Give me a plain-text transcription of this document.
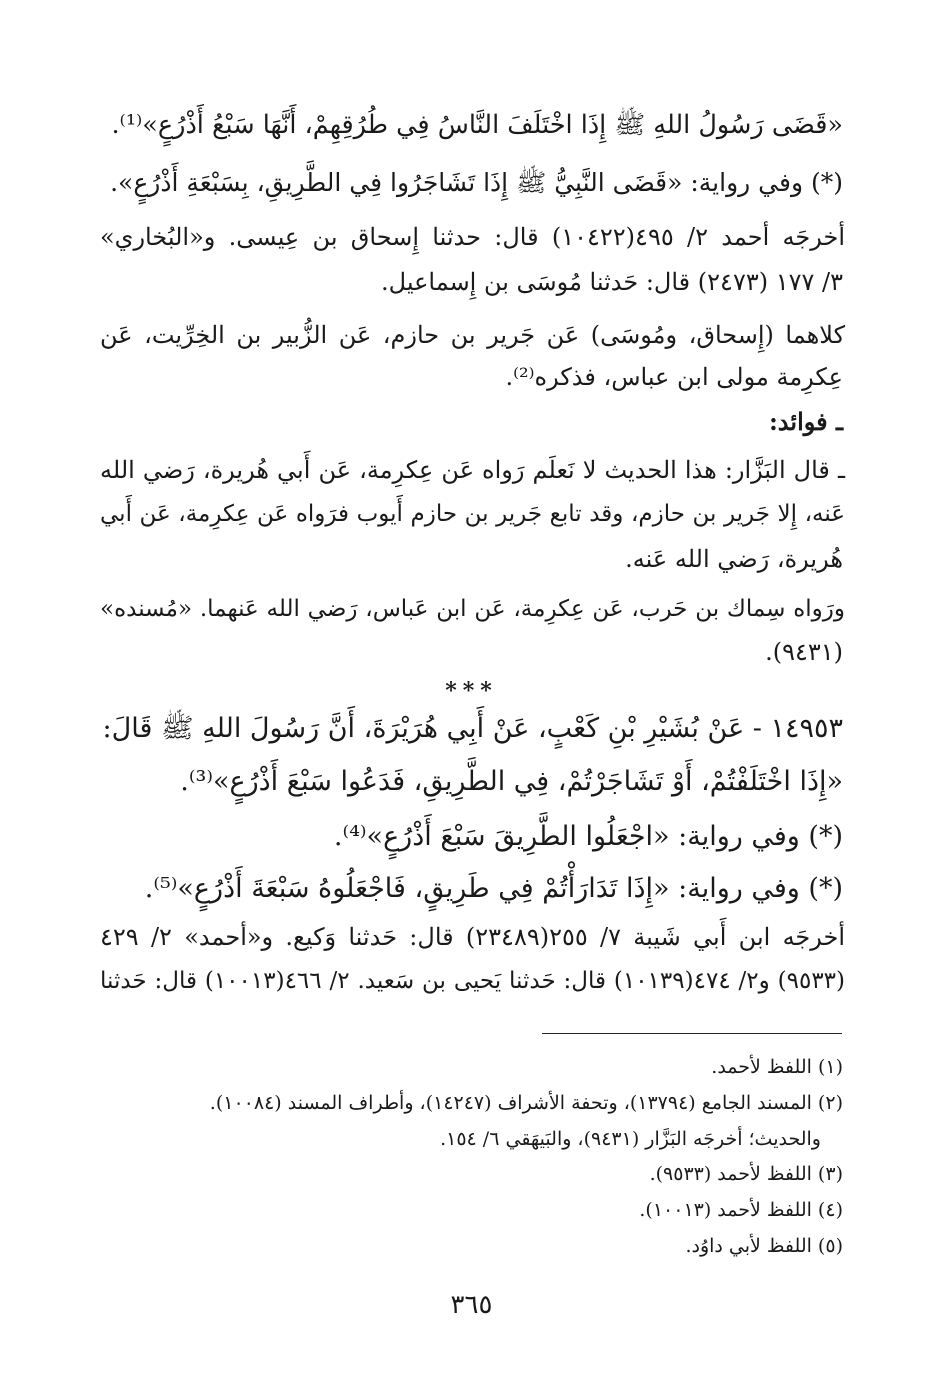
«قَضَى رَسُولُ اللهِ ﷺ إِذَا اخْتَلَفَ النَّاسُ فِي طُرُقِهِمْ، أَنَّهَا سَبْعُ أَذْرُعٍ»⁽¹⁾.
(*) وفي رواية: «قَضَى النَّبِيُّ ﷺ إِذَا تَشَاجَرُوا فِي الطَّرِيقِ، بِسَبْعَةِ أَذْرُعٍ».
أخرجَه أحمد ٢/ ٤٩٥(١٠٤٢٢) قال: حدثنا إِسحاق بن عِيسى. و«البُخاري»
٣/ ١٧٧ (٢٤٧٣) قال: حَدثنا مُوسَى بن إِسماعيل.
كلاهما (إِسحاق، ومُوسَى) عَن جَرير بن حازم، عَن الزُّبير بن الخِرِّيت، عَن
عِكرِمة مولى ابن عباس، فذكره⁽²⁾.
ـ فوائد:
ـ قال البَزَّار: هذا الحديث لا نَعلَم رَواه عَن عِكرِمة، عَن أَبي هُريرة، رَضي الله
عَنه، إِلا جَرير بن حازم، وقد تابع جَرير بن حازم أَيوب فرَواه عَن عِكرِمة، عَن أَبي
هُريرة، رَضي الله عَنه.
ورَواه سِماك بن حَرب، عَن عِكرِمة، عَن ابن عَباس، رَضي الله عَنهما. «مُسنده»
(٩٤٣١).
***
١٤٩٥٣ - عَنْ بُشَيْرِ بْنِ كَعْبٍ، عَنْ أَبِي هُرَيْرَةَ، أَنَّ رَسُولَ اللهِ ﷺ قَالَ:
«إِذَا اخْتَلَفْتُمْ، أَوْ تَشَاجَرْتُمْ، فِي الطَّرِيقِ، فَدَعُوا سَبْعَ أَذْرُعٍ»⁽³⁾.
(*) وفي رواية: «اجْعَلُوا الطَّرِيقَ سَبْعَ أَذْرُعٍ»⁽⁴⁾.
(*) وفي رواية: «إِذَا تَدَارَأْتُمْ فِي طَرِيقٍ، فَاجْعَلُوهُ سَبْعَةَ أَذْرُعٍ»⁽⁵⁾.
أخرجَه ابن أَبي شَيبة ٧/ ٢٥٥(٢٣٤٨٩) قال: حَدثنا وَكيع. و«أحمد» ٢/ ٤٢٩
(٩٥٣٣) و٢/ ٤٧٤(١٠١٣٩) قال: حَدثنا يَحيى بن سَعيد. ٢/ ٤٦٦(١٠٠١٣) قال: حَدثنا
(١) اللفظ لأحمد.
(٢) المسند الجامع (١٣٧٩٤)، وتحفة الأشراف (١٤٢٤٧)، وأطراف المسند (١٠٠٨٤).
والحديث؛ أخرجَه البَزَّار (٩٤٣١)، والبَيهَقي ٦/ ١٥٤.
(٣) اللفظ لأحمد (٩٥٣٣).
(٤) اللفظ لأحمد (١٠٠١٣).
(٥) اللفظ لأبي داوُد.
٣٦٥
